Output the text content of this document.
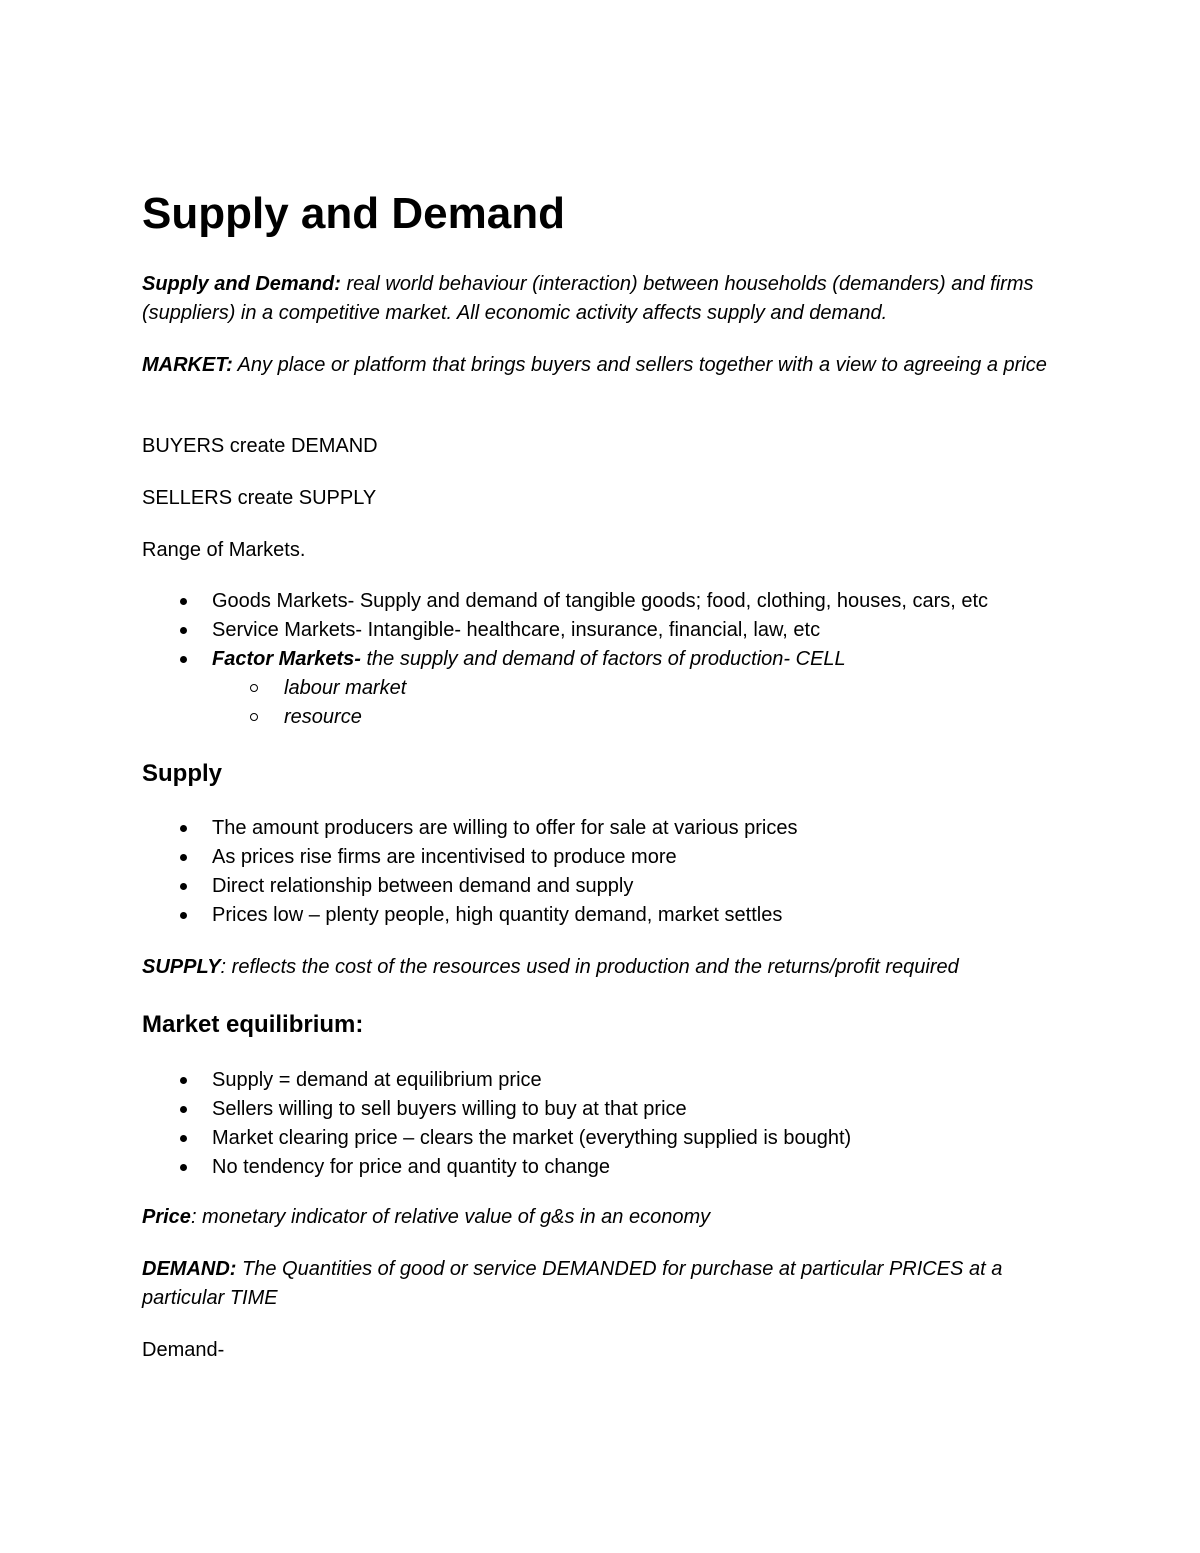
Supply and Demand

Supply and Demand: real world behaviour (interaction) between households (demanders) and firms (suppliers) in a competitive market. All economic activity affects supply and demand.

MARKET: Any place or platform that brings buyers and sellers together with a view to agreeing a price

BUYERS create DEMAND

SELLERS create SUPPLY

Range of Markets.

Goods Markets- Supply and demand of tangible goods; food, clothing, houses, cars, etc
Service Markets- Intangible- healthcare, insurance, financial, law, etc
Factor Markets- the supply and demand of factors of production- CELL
labour market
resource
Supply
The amount producers are willing to offer for sale at various prices
As prices rise firms are incentivised to produce more
Direct relationship between demand and supply
Prices low – plenty people, high quantity demand, market settles

SUPPLY: reflects the cost of the resources used in production and the returns/profit required

Market equilibrium:
Supply = demand at equilibrium price
Sellers willing to sell buyers willing to buy at that price
Market clearing price – clears the market (everything supplied is bought)
No tendency for price and quantity to change

Price: monetary indicator of relative value of g&s in an economy

DEMAND: The Quantities of good or service DEMANDED for purchase at particular PRICES at a particular TIME

Demand-
